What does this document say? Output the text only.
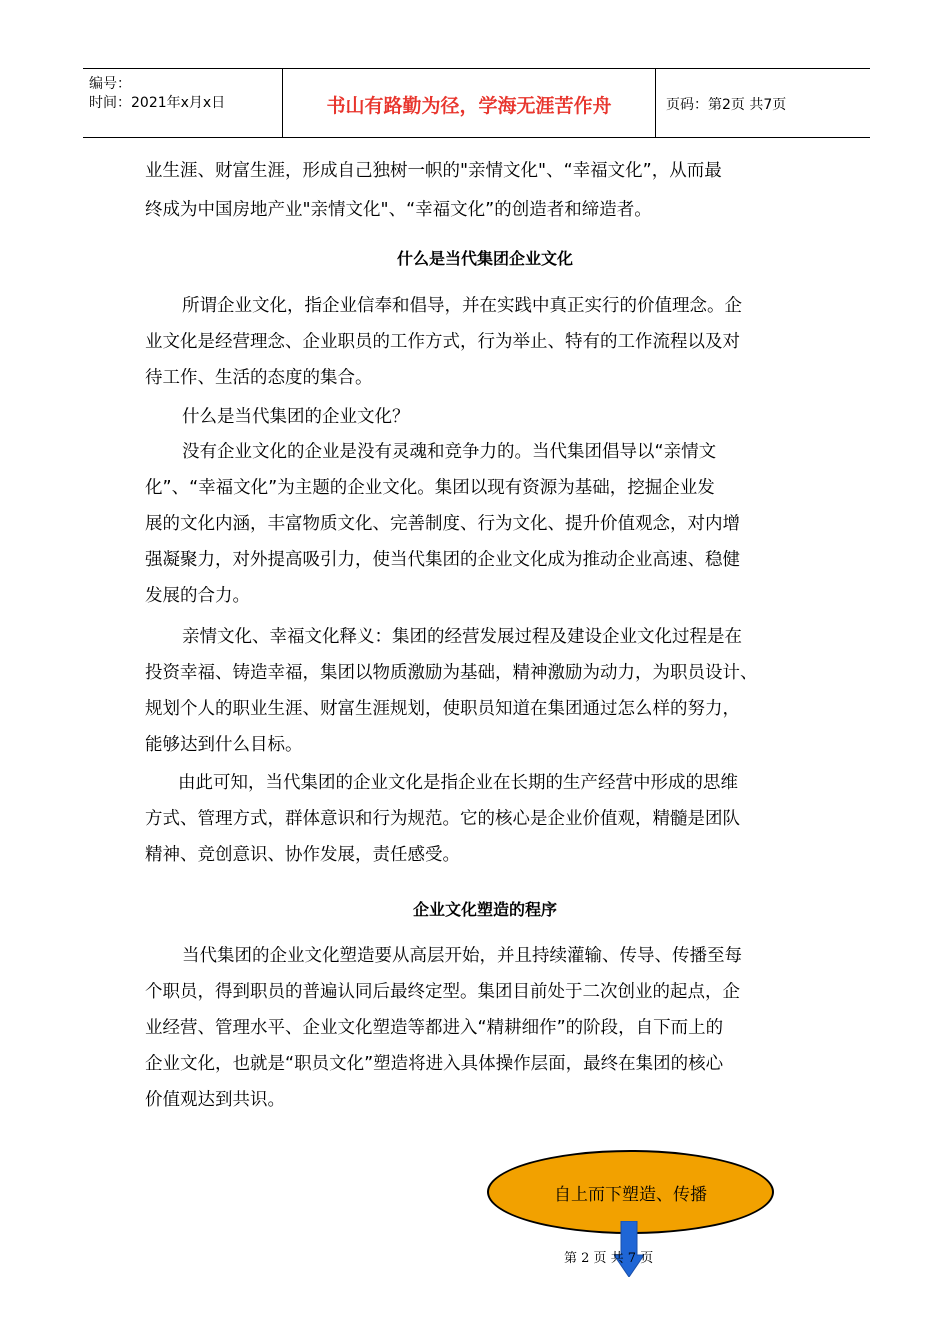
编号：
时间：2021年x月x日	书山有路勤为径，学海无涯苦作舟	页码：第2页 共7页

业生涯、财富生涯，形成自己独树一帜的"亲情文化"、“幸福文化”，从而最

终成为中国房地产业"亲情文化"、“幸福文化”的创造者和缔造者。

什么是当代集团企业文化

所谓企业文化，指企业信奉和倡导，并在实践中真正实行的价值理念。企

业文化是经营理念、企业职员的工作方式，行为举止、特有的工作流程以及对

待工作、生活的态度的集合。

什么是当代集团的企业文化？

没有企业文化的企业是没有灵魂和竞争力的。当代集团倡导以“亲情文

化”、“幸福文化”为主题的企业文化。集团以现有资源为基础，挖掘企业发

展的文化内涵，丰富物质文化、完善制度、行为文化、提升价值观念，对内增

强凝聚力，对外提高吸引力，使当代集团的企业文化成为推动企业高速、稳健

发展的合力。

亲情文化、幸福文化释义：集团的经营发展过程及建设企业文化过程是在

投资幸福、铸造幸福，集团以物质激励为基础，精神激励为动力，为职员设计、

规划个人的职业生涯、财富生涯规划，使职员知道在集团通过怎么样的努力，

能够达到什么目标。

由此可知，当代集团的企业文化是指企业在长期的生产经营中形成的思维

方式、管理方式，群体意识和行为规范。它的核心是企业价值观，精髓是团队

精神、竞创意识、协作发展，责任感受。

企业文化塑造的程序

当代集团的企业文化塑造要从高层开始，并且持续灌输、传导、传播至每

个职员，得到职员的普遍认同后最终定型。集团目前处于二次创业的起点，企

业经营、管理水平、企业文化塑造等都进入“精耕细作”的阶段，自下而上的

企业文化，也就是“职员文化”塑造将进入具体操作层面，最终在集团的核心

价值观达到共识。

自上而下塑造、传播
第 2 页 共 7 页
